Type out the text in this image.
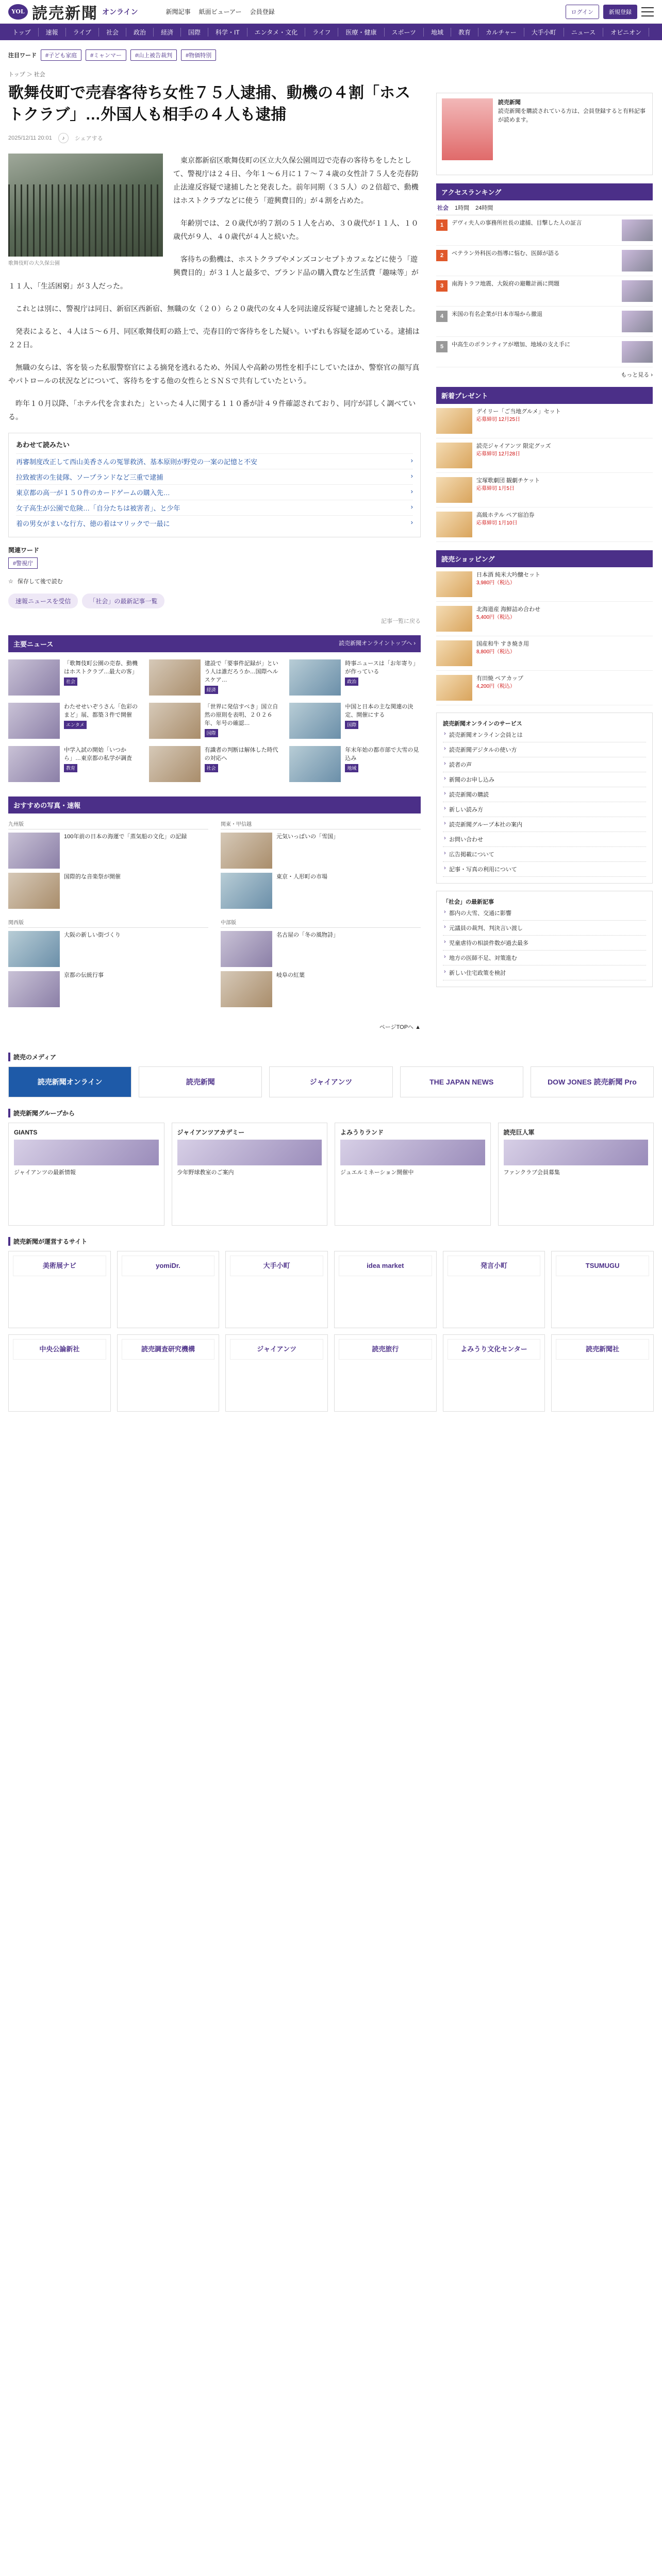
YOL 読売新聞 オンライン	新聞記事 紙面ビューアー 会員登録	ログイン	新規登録
トップ	速報	ライブ	社会	政治	経済	国際	科学・IT	エンタメ・文化	ライフ	医療・健康	スポーツ	地域	教育	カルチャー	大手小町	ニュース	オピニオン
注目ワード	#子ども家庭	#ミャンマー	#山上被告裁判	#物価特別
トップ ＞ 社会
歌舞伎町で売春客待ち女性７５人逮捕、動機の４割「ホストクラブ」…外国人も相手の４人も逮捕
2025/12/11 20:01	♪	シェアする
歌舞伎町の大久保公園

東京都新宿区歌舞伎町の区立大久保公園周辺で売春の客待ちをしたとして、警視庁は２４日、今年１〜６月に１７〜７４歳の女性計７５人を売春防止法違反容疑で逮捕したと発表した。前年同期（３５人）の２倍超で、動機はホストクラブなどに使う「遊興費目的」が４割を占めた。

年齢別では、２０歳代が約７割の５１人を占め、３０歳代が１１人、１０歳代が９人、４０歳代が４人と続いた。

客待ちの動機は、ホストクラブやメンズコンセプトカフェなどに使う「遊興費目的」が３１人と最多で、ブランド品の購入費など生活費「趣味等」が１１人、「生活困窮」が３人だった。

これとは別に、警視庁は同日、新宿区西新宿、無職の女（２０）ら２０歳代の女４人を同法違反容疑で逮捕したと発表した。

発表によると、４人は５〜６月、同区歌舞伎町の路上で、売春目的で客待ちをした疑い。いずれも容疑を認めている。逮捕は２２日。

無職の女らは、客を装った私服警察官による摘発を逃れるため、外国人や高齢の男性を相手にしていたほか、警察官の顔写真やパトロールの状況などについて、客待ちをする他の女性らとＳＮＳで共有していたという。

昨年１０月以降、「ホテル代を含まれた」といった４人に関する１１０番が計４９件確認されており、同庁が詳しく調べている。

あわせて読みたい
再審制度改正して西山美香さんの冤罪救済、基本原則が野党の一案の記憶と不安	›
拉致被害の生徒隊、ソープランドなど三重で逮捕	›
東京都の高一が１５０件のカードゲームの購入先…	›
女子高生が公園で危険…「自分たちは被害者」、と少年	›
着の男女がまいな行方、徳の着はマリックで一最に	›
関連ワード
#警視庁
☆ 保存して後で読む
速報ニュースを受信	「社会」の最新記事一覧
記事一覧に戻る
主要ニュース	読売新聞オンライントップへ ›
「歌舞伎町公園の売春、動機はホストクラブ…最大の客」
社会
建設で「要事件記録が」という人は誰だろうか…国際ヘルスケア…
経済
時事ニュースは「お年寄り」が作っている
政治
わたせせいぞうさん「色彩のまど」展、都築３件で開催
エンタメ
「世界に発信すべき」国立自然の原則を表明、２０２６年、年号の確認…
国際
中国と日本の主な関連の決定、開催にする
国際
中学入試の開始「いつから」…東京都の私学が調査
教育
有識者の判断は解体した時代の対応へ
社会
年末年始の都市部で大雪の見込み
地域
おすすめの写真・速報
九州版
100年前の日本の海運で「蒸気船の文化」の記録
国際的な音楽祭が開催
関東・甲信越
元気いっぱいの「雪国」
東京・人形町の市場
関西版
大阪の新しい街づくり
京都の伝統行事
中部版
名古屋の「冬の風物詩」
岐阜の紅葉
ページTOPへ ▲
読売新聞
読売新聞を購読されている方は、会員登録すると有料記事が読めます。
アクセスランキング
社会 1時間 24時間
1	デヴィ夫人の事務所社長の逮捕、目撃した人の証言
2	ベテラン外科医の指導に悩む、医師が語る
3	南海トラフ地震、大阪府の避難計画に問題
4	米国の有名企業が日本市場から撤退
5	中高生のボランティアが増加、地域の支え手に
もっと見る ›
新着プレゼント
デイリー「ご当地グルメ」セット
応募締切 12月25日
読売ジャイアンツ 限定グッズ
応募締切 12月28日
宝塚歌劇団 観劇チケット
応募締切 1月5日
高級ホテル ペア宿泊券
応募締切 1月10日
読売ショッピング
日本酒 純米大吟醸セット
3,980円（税込）
北海道産 海鮮詰め合わせ
5,400円（税込）
国産和牛 すき焼き用
8,800円（税込）
有田焼 ペアカップ
4,200円（税込）
読売新聞オンラインのサービス
› 読売新聞オンライン会員とは
› 読売新聞デジタルの使い方
› 読者の声
› 新聞のお申し込み
› 読売新聞の購読
› 新しい読み方
› 読売新聞グループ本社の案内
› お問い合わせ
› 広告掲載について
› 記事・写真の利用について
「社会」の最新記事
› 都内の大雪、交通に影響
› 元議員の裁判、判決言い渡し
› 児童虐待の相談件数が過去最多
› 地方の医師不足、対策進む
› 新しい住宅政策を検討
読売のメディア
読売新聞オンライン	読売新聞	ジャイアンツ	THE JAPAN NEWS	DOW JONES 読売新聞 Pro
読売新聞グループから
GIANTS
ジャイアンツの最新情報
ジャイアンツアカデミー
少年野球教室のご案内
よみうりランド
ジュエルミネーション開催中
読売巨人軍
ファンクラブ会員募集
読売新聞が運営するサイト
美術展ナビ	yomiDr.	大手小町	idea market	発言小町	TSUMUGU
中央公論新社	読売調査研究機構	ジャイアンツ	読売旅行	よみうり文化センター	読売新聞社
